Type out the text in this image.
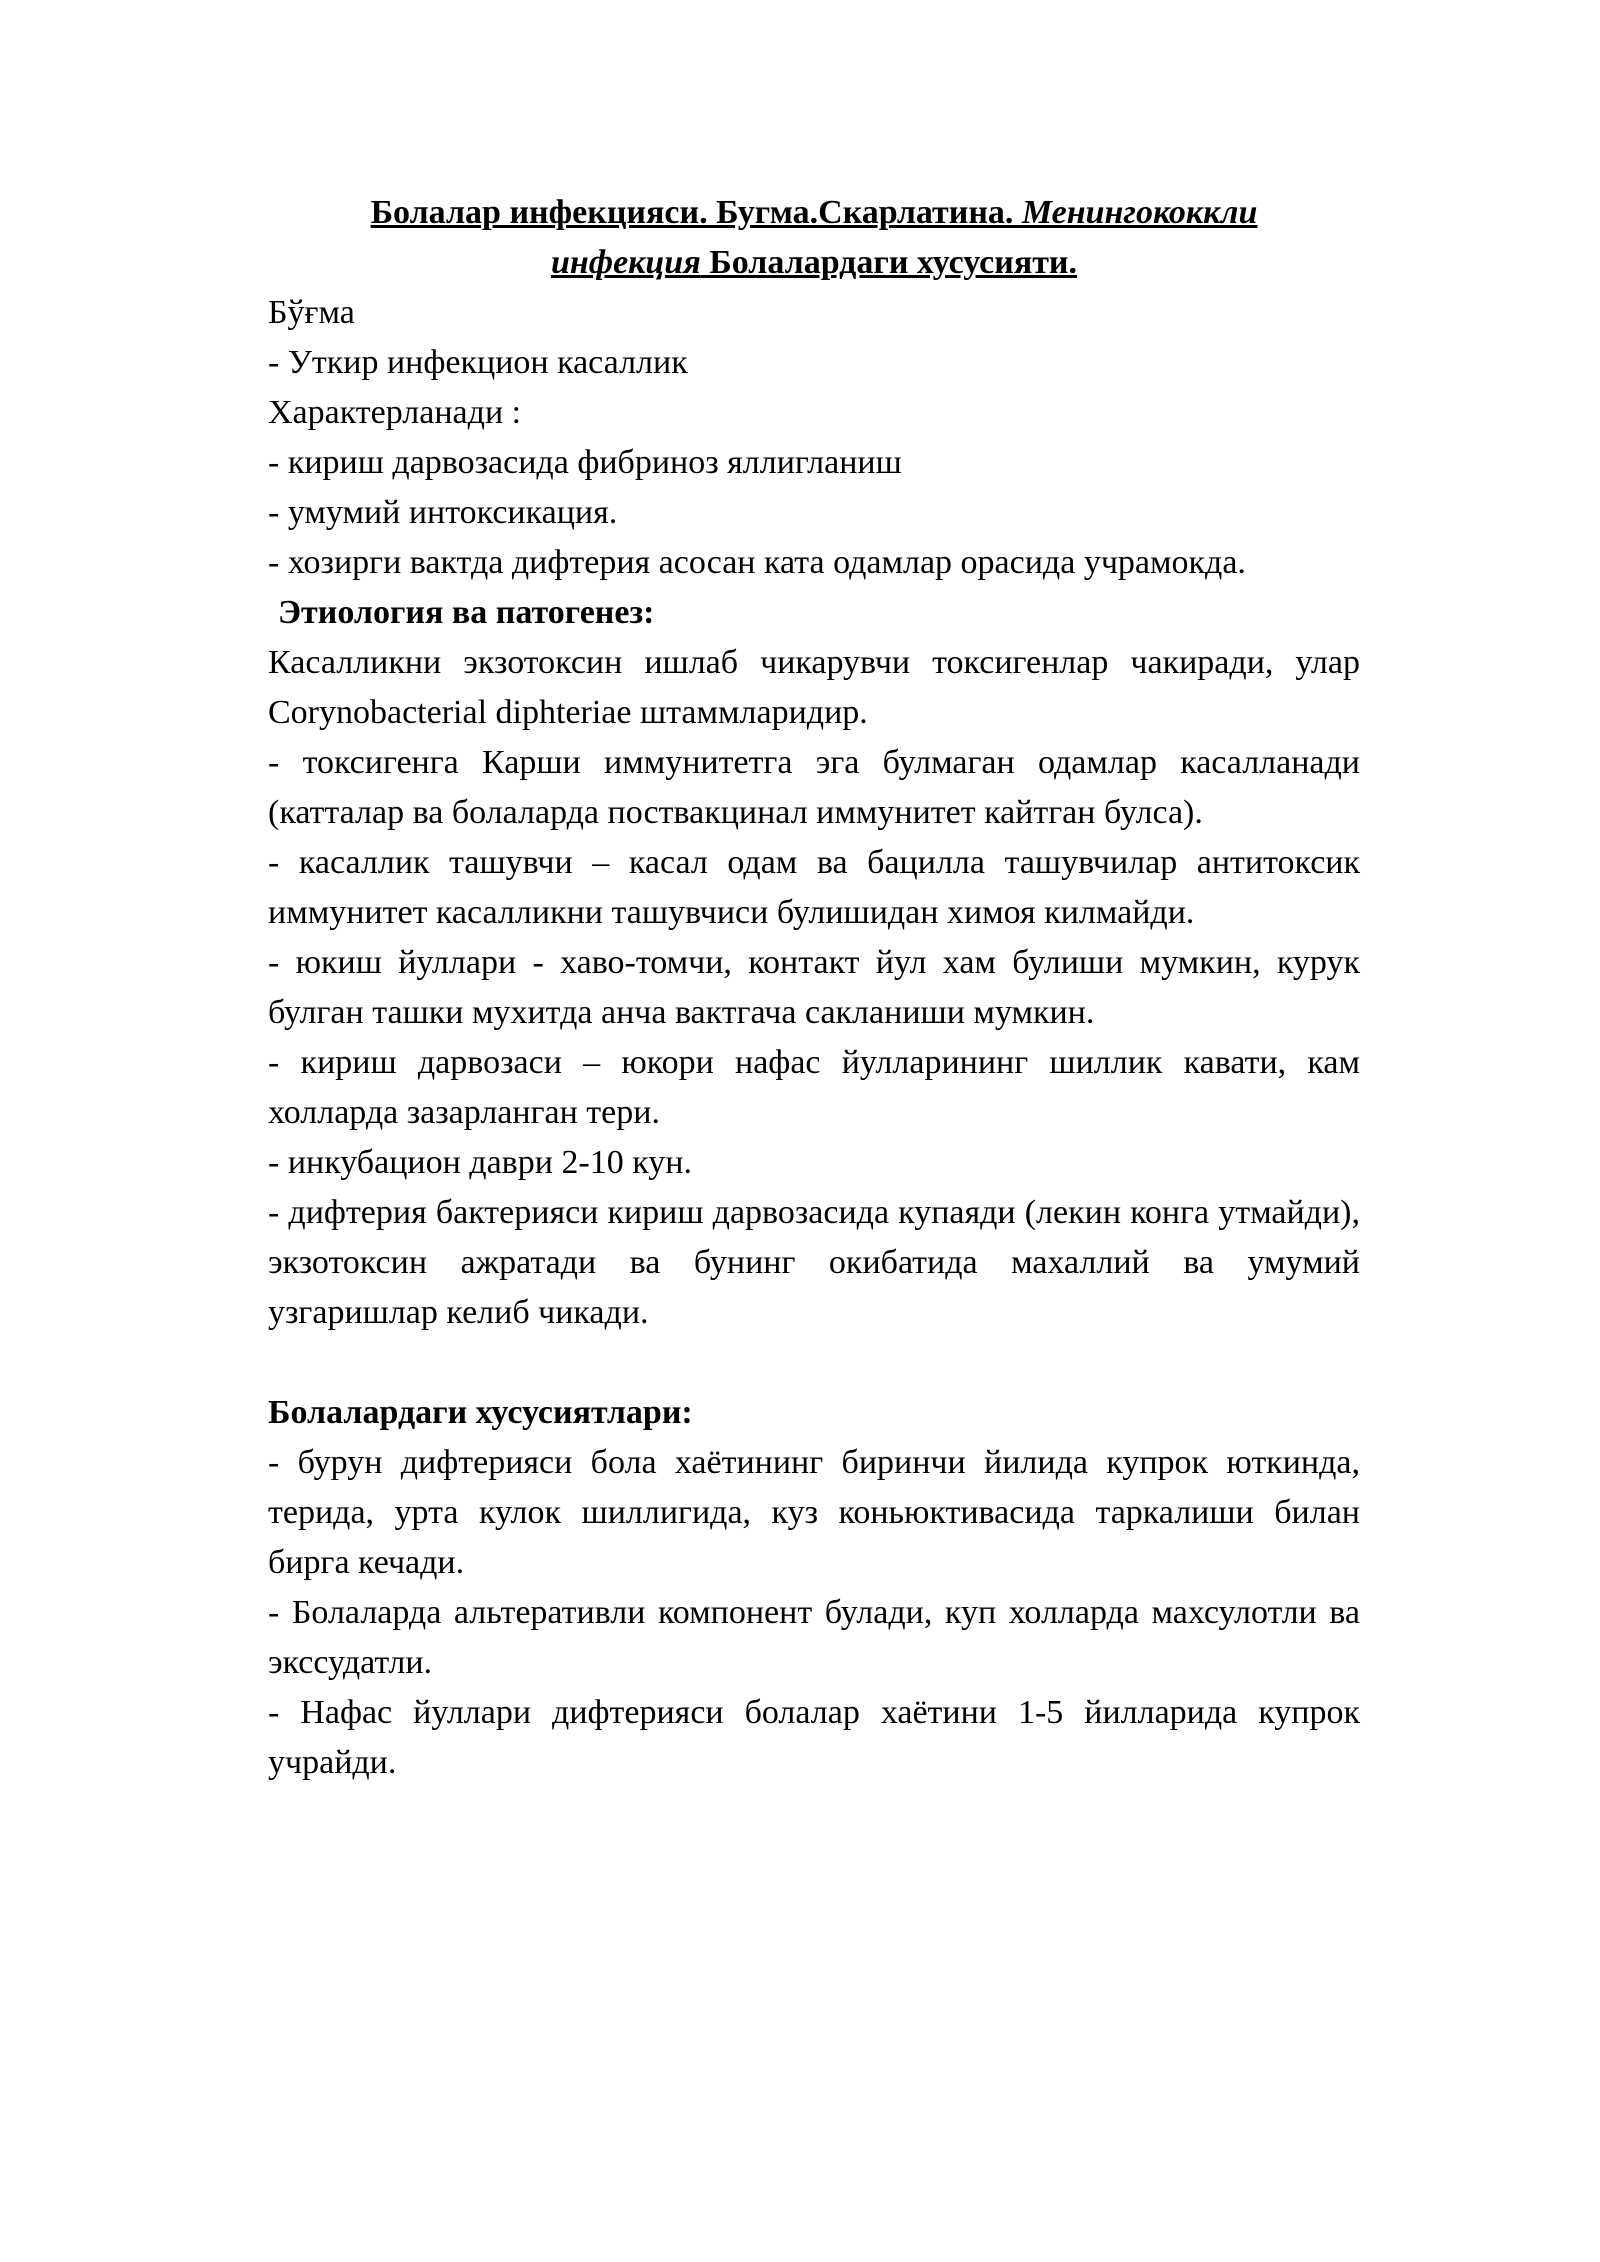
Болалар инфекцияси. Бугма.Скарлатина. Менингококкли инфекция Болалардаги хусусияти.

Бўғма

- Уткир инфекцион касаллик

Характерланади :

- кириш дарвозасида фибриноз яллигланиш

- умумий интоксикация.

- хозирги вактда дифтерия асосан ката одамлар орасида учрамокда.

Этиология ва патогенез:

Касалликни экзотоксин ишлаб чикарувчи токсигенлар чакиради, улар Corynobacterial diphteriae штаммларидир.

- токсигенга Карши иммунитетга эга булмаган одамлар касалланади (катталар ва болаларда поствакцинал иммунитет кайтган булса).

- касаллик ташувчи – касал одам ва бацилла ташувчилар антитоксик иммунитет касалликни ташувчиси булишидан химоя килмайди.

- юкиш йуллари - хаво-томчи, контакт йул хам булиши мумкин, курук булган ташки мухитда анча вактгача сакланиши мумкин.

- кириш дарвозаси – юкори нафас йулларининг шиллик кавати, кам холларда зазарланган тери.

- инкубацион даври 2-10 кун.

- дифтерия бактерияси кириш дарвозасида купаяди (лекин конга утмайди), экзотоксин ажратади ва бунинг окибатида махаллий ва умумий узгаришлар келиб чикади.

Болалардаги хусусиятлари:

- бурун дифтерияси бола хаётининг биринчи йилида купрок юткинда, терида, урта кулок шиллигида, куз коньюктивасида таркалиши билан бирга кечади.

- Болаларда альтеративли компонент булади, куп холларда махсулотли ва экссудатли.

- Нафас йуллари дифтерияси болалар хаётини 1-5 йилларида купрок учрайди.
